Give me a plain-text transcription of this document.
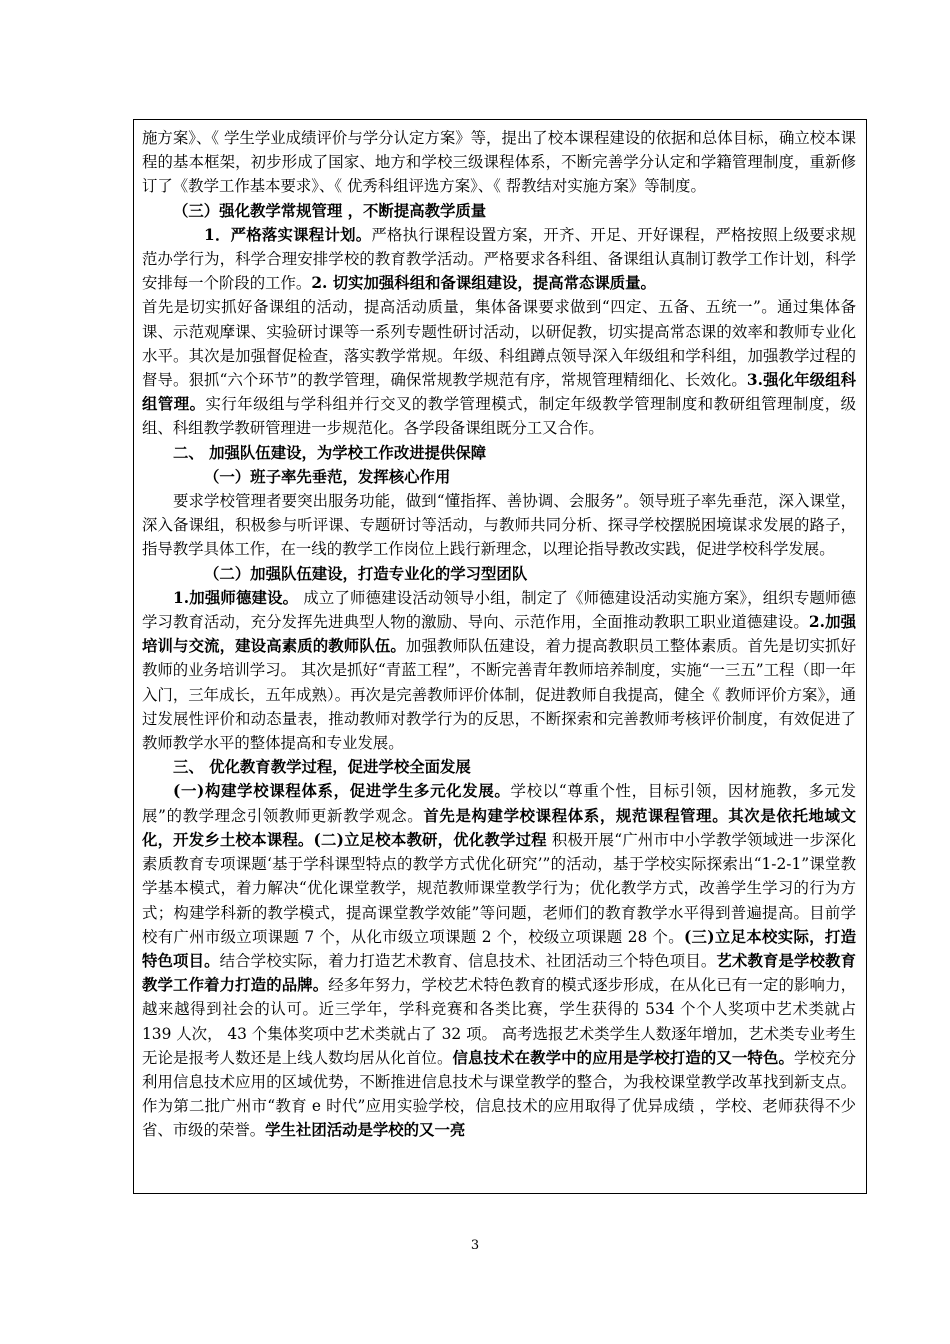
施方案》、《 学生学业成绩评价与学分认定方案》等，提出了校本课程建设的依据和总体目标，确立校本课程的基本框架，初步形成了国家、地方和学校三级课程体系，不断完善学分认定和学籍管理制度，重新修订了《教学工作基本要求》、《 优秀科组评选方案》、《 帮教结对实施方案》等制度。

（三）强化教学常规管理 ，不断提高教学质量

1．严格落实课程计划。严格执行课程设置方案，开齐、开足、开好课程，严格按照上级要求规范办学行为，科学合理安排学校的教育教学活动。严格要求各科组、备课组认真制订教学工作计划，科学安排每一个阶段的工作。2. 切实加强科组和备课组建设，提高常态课质量。

首先是切实抓好备课组的活动，提高活动质量，集体备课要求做到“四定、五备、五统一”。通过集体备课、示范观摩课、实验研讨课等一系列专题性研讨活动，以研促教，切实提高常态课的效率和教师专业化水平。其次是加强督促检查，落实教学常规。年级、科组蹲点领导深入年级组和学科组，加强教学过程的督导。狠抓“六个环节”的教学管理，确保常规教学规范有序，常规管理精细化、长效化。3.强化年级组科组管理。实行年级组与学科组并行交叉的教学管理模式，制定年级教学管理制度和教研组管理制度，级组、科组教学教研管理进一步规范化。各学段备课组既分工又合作。

二、 加强队伍建设，为学校工作改进提供保障

（一）班子率先垂范，发挥核心作用

要求学校管理者要突出服务功能，做到“懂指挥、善协调、会服务”。领导班子率先垂范，深入课堂，深入备课组，积极参与听评课、专题研讨等活动，与教师共同分析、探寻学校摆脱困境谋求发展的路子，指导教学具体工作，在一线的教学工作岗位上践行新理念，以理论指导教改实践，促进学校科学发展。

（二）加强队伍建设，打造专业化的学习型团队

1.加强师德建设。 成立了师德建设活动领导小组，制定了《师德建设活动实施方案》，组织专题师德学习教育活动，充分发挥先进典型人物的激励、导向、示范作用，全面推动教职工职业道德建设。2.加强培训与交流，建设高素质的教师队伍。加强教师队伍建设，着力提高教职员工整体素质。首先是切实抓好教师的业务培训学习。 其次是抓好“青蓝工程”，不断完善青年教师培养制度，实施“一三五”工程（即一年入门，三年成长，五年成熟）。再次是完善教师评价体制，促进教师自我提高，健全《 教师评价方案》，通过发展性评价和动态量表，推动教师对教学行为的反思，不断探索和完善教师考核评价制度，有效促进了教师教学水平的整体提高和专业发展。

三、 优化教育教学过程，促进学校全面发展

(一)构建学校课程体系，促进学生多元化发展。学校以“尊重个性，目标引领，因材施教，多元发展”的教学理念引领教师更新教学观念。首先是构建学校课程体系，规范课程管理。其次是依托地域文化，开发乡土校本课程。(二)立足校本教研，优化教学过程 积极开展“广州市中小学教学领域进一步深化素质教育专项课题‘基于学科课型特点的教学方式优化研究’”的活动，基于学校实际探索出“1-2-1”课堂教学基本模式，着力解决“优化课堂教学，规范教师课堂教学行为；优化教学方式，改善学生学习的行为方式；构建学科新的教学模式，提高课堂教学效能”等问题，老师们的教育教学水平得到普遍提高。目前学校有广州市级立项课题 7 个，从化市级立项课题 2 个，校级立项课题 28 个。(三)立足本校实际，打造特色项目。结合学校实际，着力打造艺术教育、信息技术、社团活动三个特色项目。艺术教育是学校教育教学工作着力打造的品牌。经多年努力，学校艺术特色教育的模式逐步形成，在从化已有一定的影响力，越来越得到社会的认可。近三学年，学科竞赛和各类比赛，学生获得的 534 个个人奖项中艺术类就占 139 人次， 43 个集体奖项中艺术类就占了 32 项。 高考选报艺术类学生人数逐年增加，艺术类专业考生无论是报考人数还是上线人数均居从化首位。信息技术在教学中的应用是学校打造的又一特色。学校充分利用信息技术应用的区域优势，不断推进信息技术与课堂教学的整合，为我校课堂教学改革找到新支点。作为第二批广州市“教育 e 时代”应用实验学校，信息技术的应用取得了优异成绩 ，学校、老师获得不少省、市级的荣誉。学生社团活动是学校的又一亮

3
